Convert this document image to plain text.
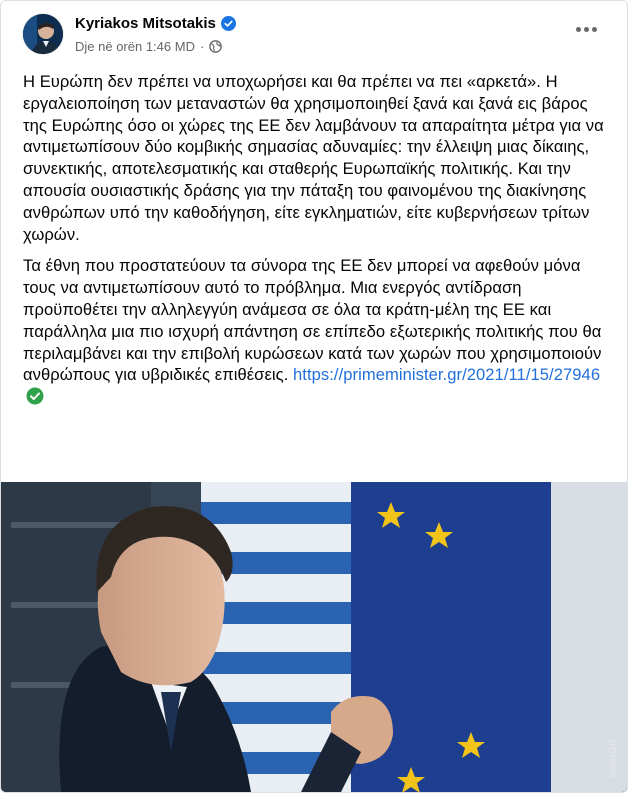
Kyriakos Mitsotakis
Dje në orën 1:46 MD ·

Η Ευρώπη δεν πρέπει να υποχωρήσει και θα πρέπει να πει «αρκετά». Η εργαλειοποίηση των μεταναστών θα χρησιμοποιηθεί ξανά και ξανά εις βάρος της Ευρώπης όσο οι χώρες της ΕΕ δεν λαμβάνουν τα απαραίτητα μέτρα για να αντιμετωπίσουν δύο κομβικής σημασίας αδυναμίες: την έλλειψη μιας δίκαιης, συνεκτικής, αποτελεσματικής και σταθερής Ευρωπαϊκής πολιτικής. Και την απουσία ουσιαστικής δράσης για την πάταξη του φαινομένου της διακίνησης ανθρώπων υπό την καθοδήγηση, είτε εγκληματιών, είτε κυβερνήσεων τρίτων χωρών.

Τα έθνη που προστατεύουν τα σύνορα της ΕΕ δεν μπορεί να αφεθούν μόνα τους να αντιμετωπίσουν αυτό το πρόβλημα. Μια ενεργός αντίδραση προϋποθέτει την αλληλεγγύη ανάμεσα σε όλα τα κράτη-μέλη της ΕΕ και παράλληλα μια πιο ισχυρή απάντηση σε επίπεδο εξωτερικής πολιτικής που θα περιλαμβάνει και την επιβολή κυρώσεων κατά των χωρών που χρησιμοποιούν ανθρώπους για υβριδικές επιθέσεις. https://primeminister.gr/2021/11/15/27946

nisterGR
